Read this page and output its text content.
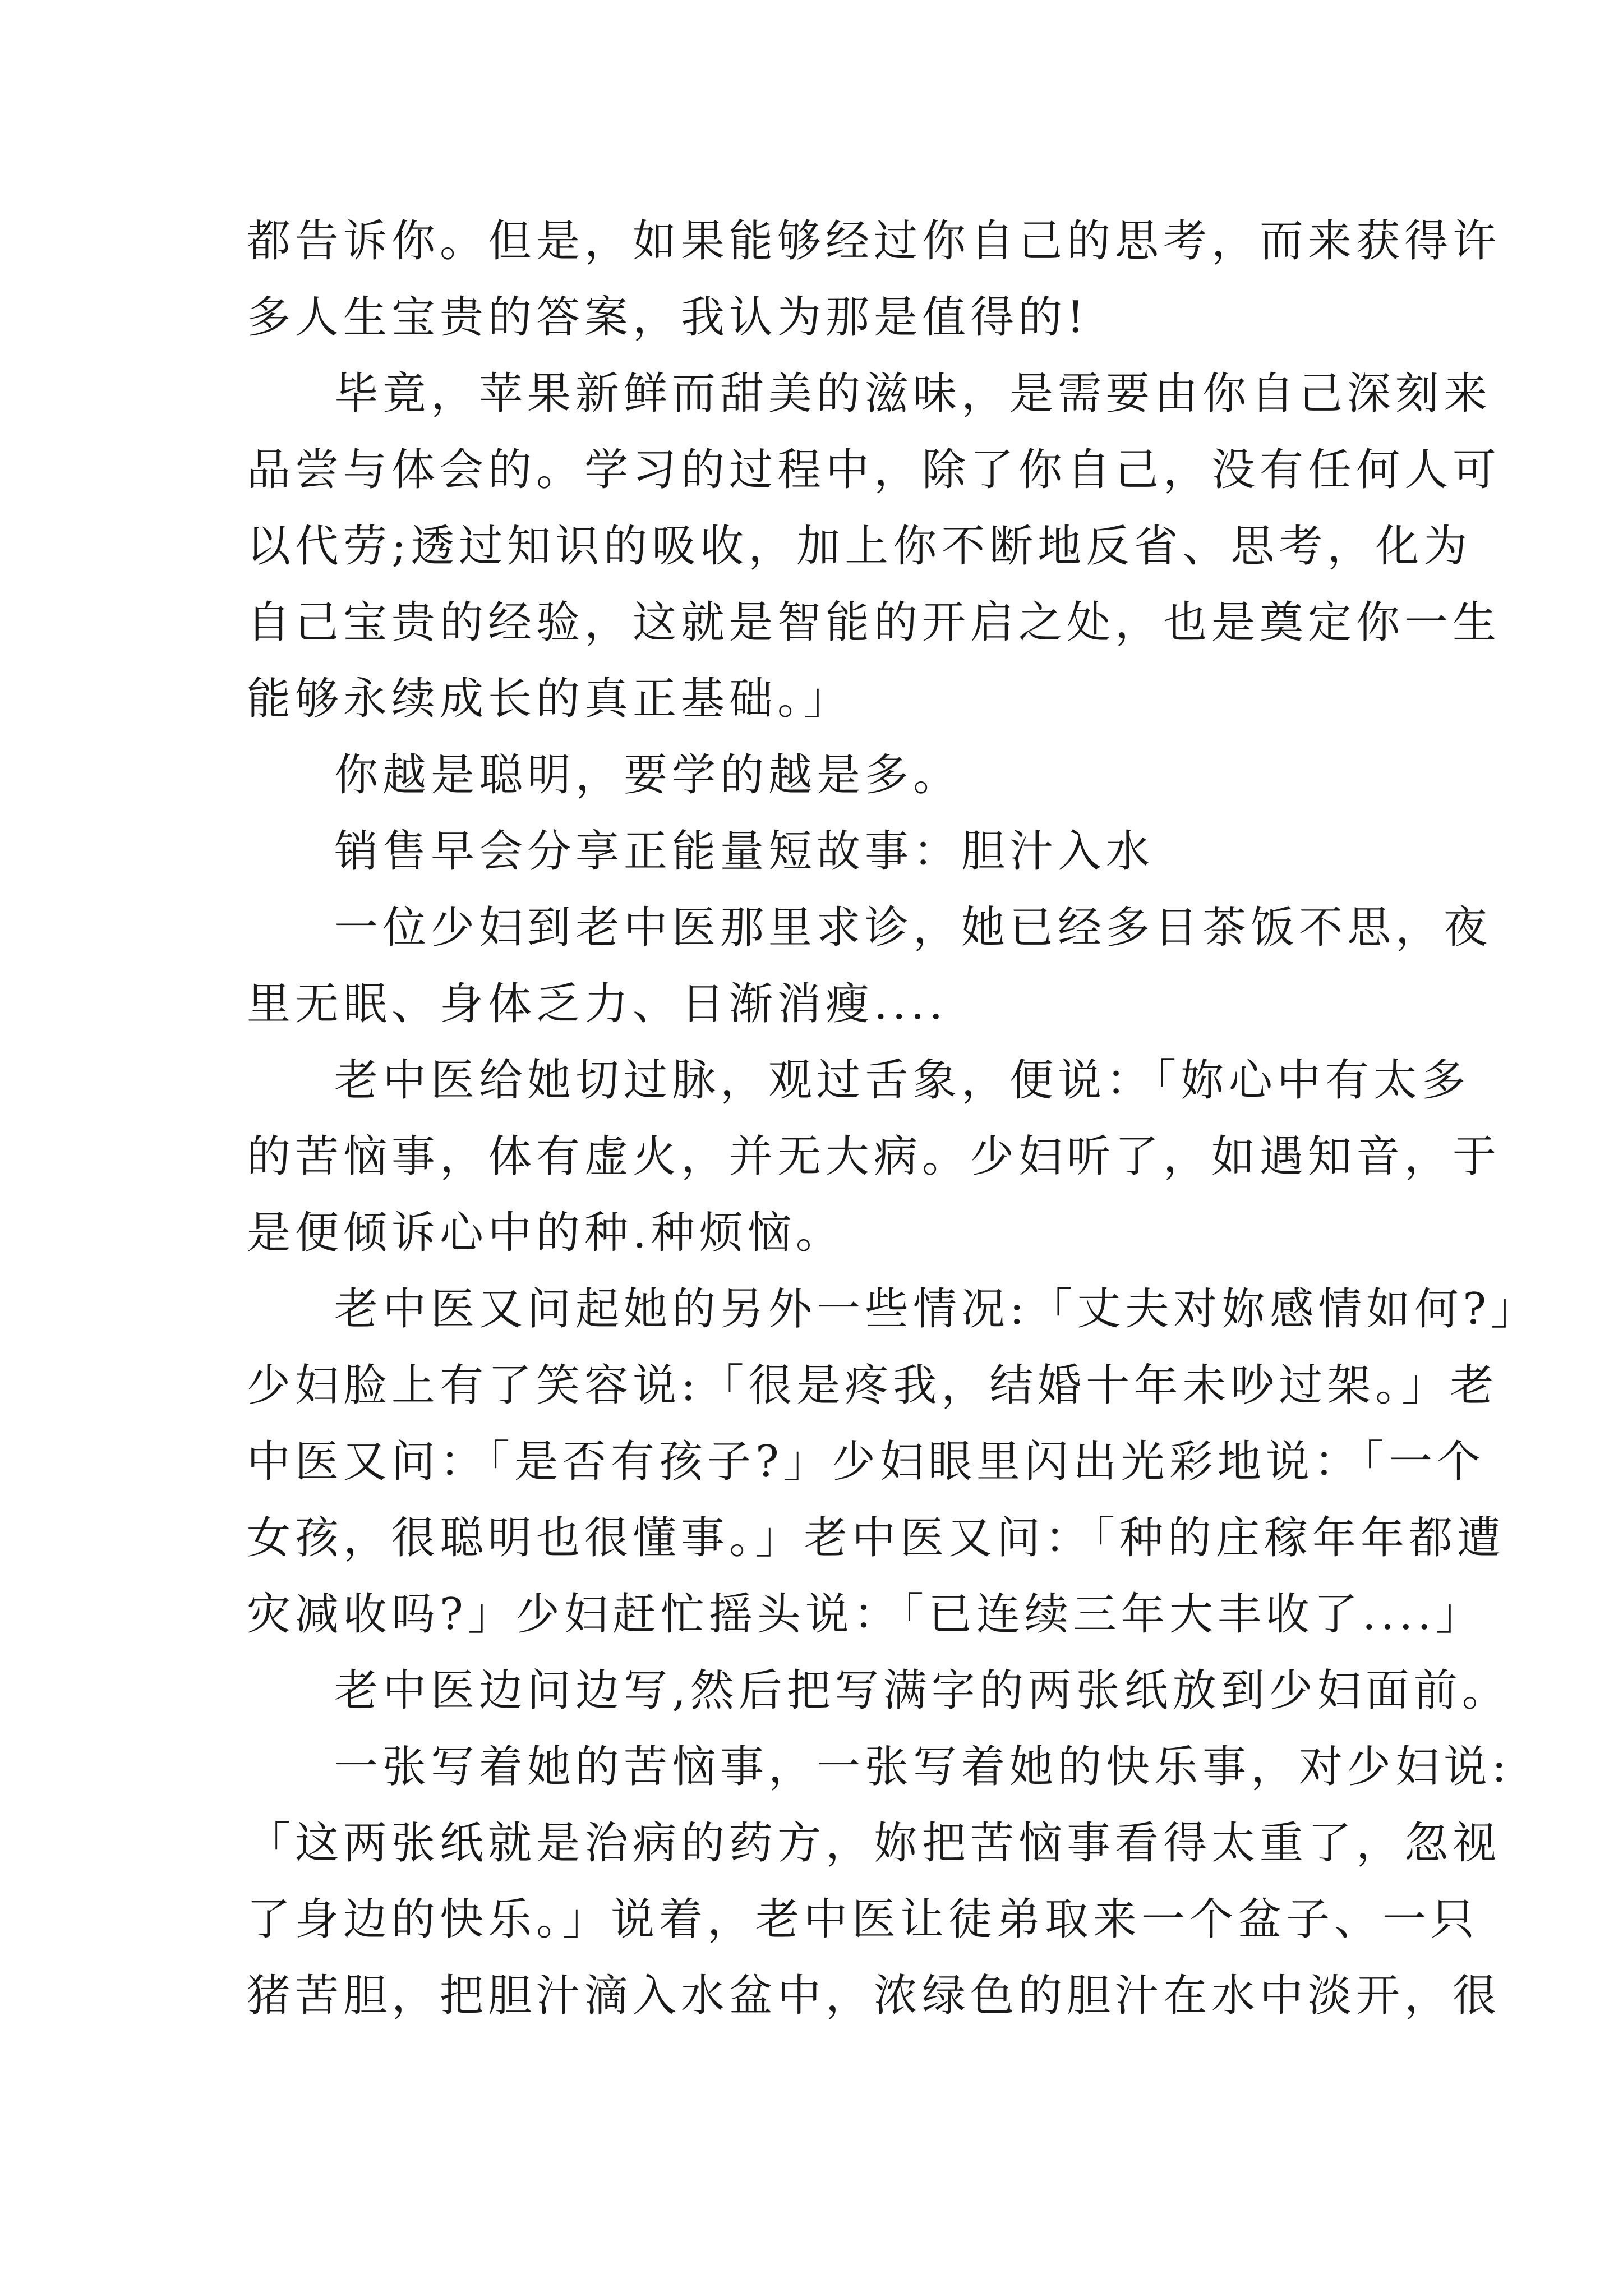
都告诉你。但是，如果能够经过你自己的思考，而来获得许
多人生宝贵的答案，我认为那是值得的!
毕竟，苹果新鲜而甜美的滋味，是需要由你自己深刻来
品尝与体会的。学习的过程中，除了你自己，没有任何人可
以代劳;透过知识的吸收，加上你不断地反省、思考，化为
自己宝贵的经验，这就是智能的开启之处，也是奠定你一生
能够永续成长的真正基础。」
你越是聪明，要学的越是多。
销售早会分享正能量短故事：胆汁入水
一位少妇到老中医那里求诊，她已经多日茶饭不思，夜
里无眠、身体乏力、日渐消瘦....
老中医给她切过脉，观过舌象，便说：「妳心中有太多
的苦恼事，体有虚火，并无大病。少妇听了，如遇知音，于
是便倾诉心中的种.种烦恼。
老中医又问起她的另外一些情况:「丈夫对妳感情如何?」
少妇脸上有了笑容说:「很是疼我，结婚十年未吵过架。」老
中医又问：「是否有孩子?」少妇眼里闪出光彩地说：「一个
女孩，很聪明也很懂事。」老中医又问：「种的庄稼年年都遭
灾减收吗?」少妇赶忙摇头说：「已连续三年大丰收了....」
老中医边问边写,然后把写满字的两张纸放到少妇面前。
一张写着她的苦恼事，一张写着她的快乐事，对少妇说:
「这两张纸就是治病的药方，妳把苦恼事看得太重了，忽视
了身边的快乐。」说着，老中医让徒弟取来一个盆子、一只
猪苦胆，把胆汁滴入水盆中，浓绿色的胆汁在水中淡开，很
